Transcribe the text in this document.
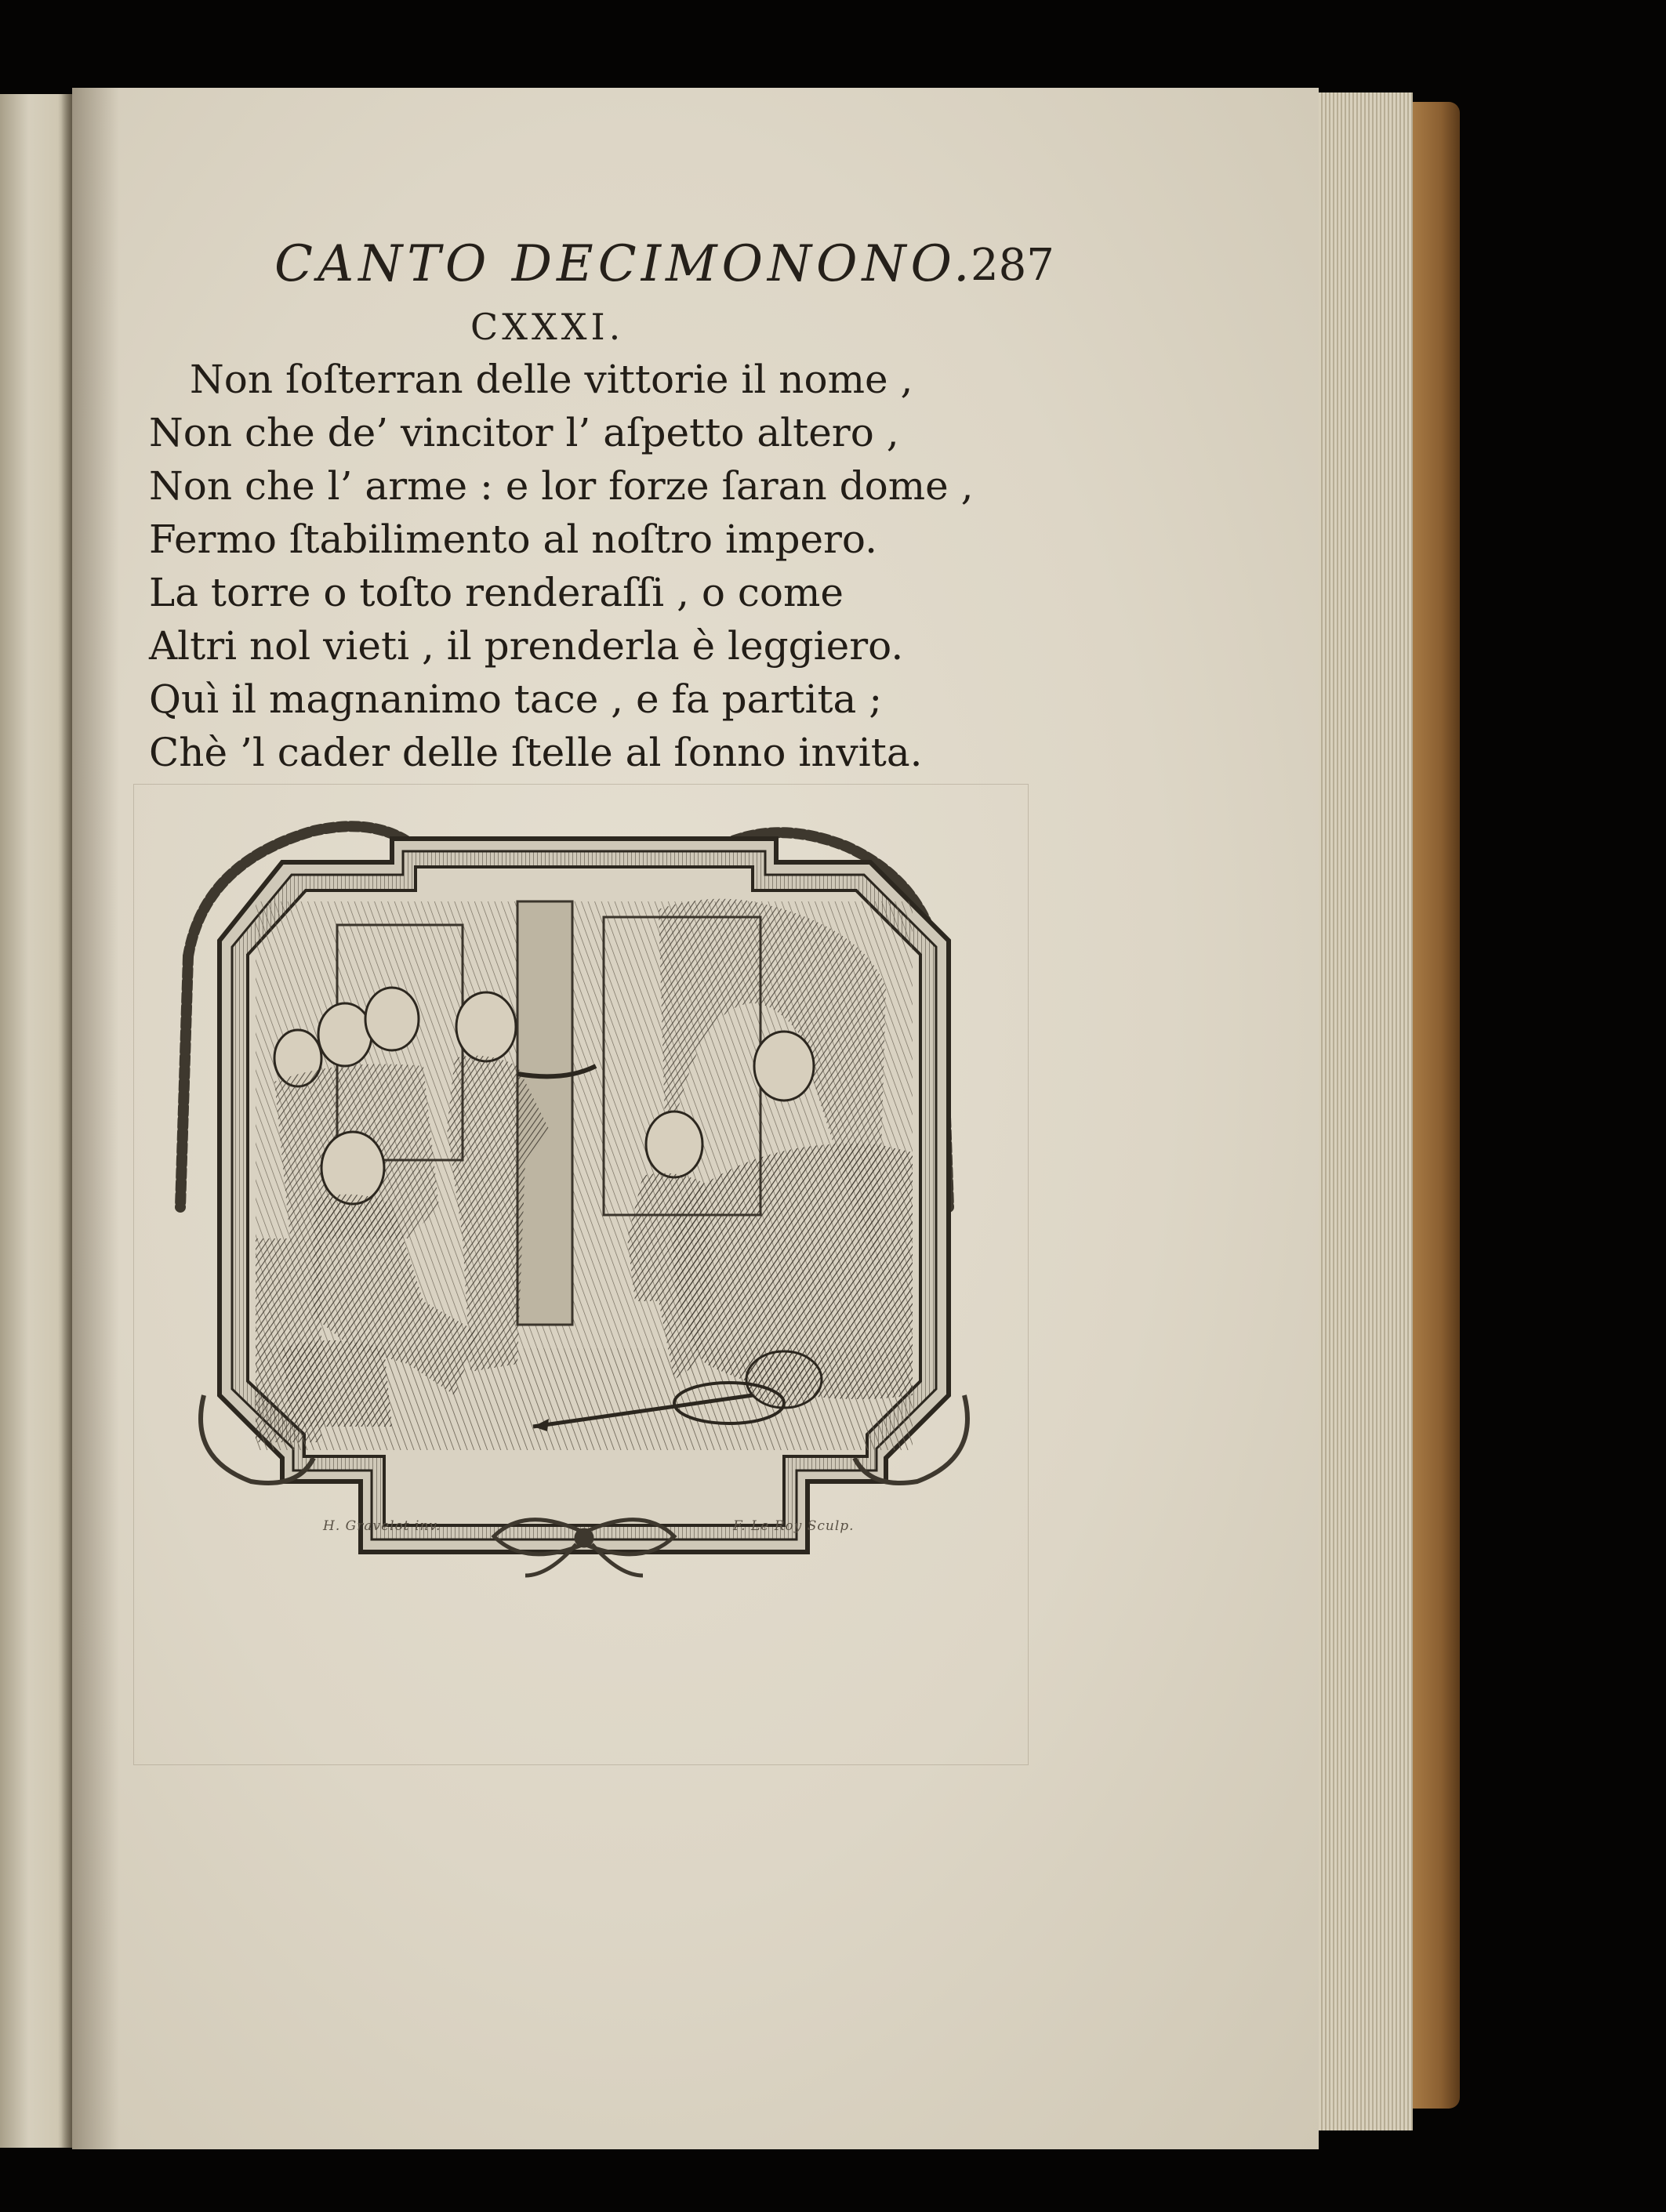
CANTO DECIMONONO.
287
CXXXI.
Non ſoſterran delle vittorie il nome ,
Non che de’ vincitor l’ aſpetto altero ,
Non che l’ arme : e lor forze ſaran dome ,
Fermo ſtabilimento al noſtro impero.
La torre o toſto renderaſſi , o come
Altri nol vieti , il prenderla è leggiero.
Quì il magnanimo tace , e fa partita ;
Chè ’l cader delle ſtelle al ſonno invita.
H. Gravelot inv.	F. Le Roy Sculp.
